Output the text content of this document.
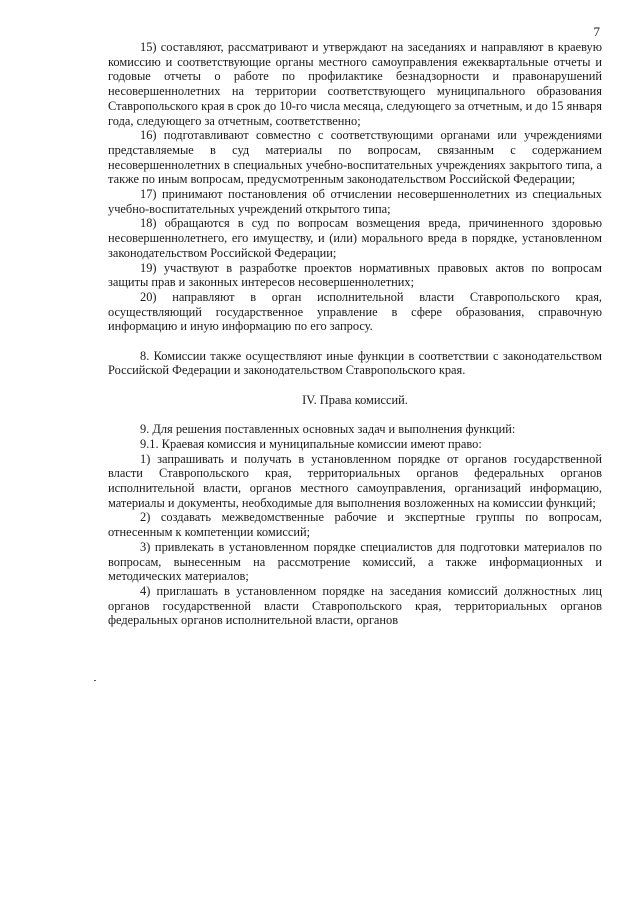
7

15) составляют, рассматривают и утверждают на заседаниях и направляют в краевую комиссию и соответствующие органы местного самоуправления ежеквартальные отчеты и годовые отчеты о работе по профилактике безнадзорности и правонарушений несовершеннолетних на территории соответствующего муниципального образования Ставропольского края в срок до 10-го числа месяца, следующего за отчетным, и до 15 января года, следующего за отчетным, соответственно;

16) подготавливают совместно с соответствующими органами или учреждениями представляемые в суд материалы по вопросам, связанным с содержанием несовершеннолетних в специальных учебно-воспитательных учреждениях закрытого типа, а также по иным вопросам, предусмотренным законодательством Российской Федерации;

17) принимают постановления об отчислении несовершеннолетних из специальных учебно-воспитательных учреждений открытого типа;

18) обращаются в суд по вопросам возмещения вреда, причиненного здоровью несовершеннолетнего, его имуществу, и (или) морального вреда в порядке, установленном законодательством Российской Федерации;

19) участвуют в разработке проектов нормативных правовых актов по вопросам защиты прав и законных интересов несовершеннолетних;

20) направляют в орган исполнительной власти Ставропольского края, осуществляющий государственное управление в сфере образования, справочную информацию и иную информацию по его запросу.

8. Комиссии также осуществляют иные функции в соответствии с законодательством Российской Федерации и законодательством Ставропольского края.

IV. Права комиссий.

9. Для решения поставленных основных задач и выполнения функций:

9.1. Краевая комиссия и муниципальные комиссии имеют право:

1) запрашивать и получать в установленном порядке от органов государственной власти Ставропольского края, территориальных органов федеральных органов исполнительной власти, органов местного самоуправления, организаций информацию, материалы и документы, необходимые для выполнения возложенных на комиссии функций;

2) создавать межведомственные рабочие и экспертные группы по вопросам, отнесенным к компетенции комиссий;

3) привлекать в установленном порядке специалистов для подготовки материалов по вопросам, вынесенным на рассмотрение комиссий, а также информационных и методических материалов;

4) приглашать в установленном порядке на заседания комиссий должностных лиц органов государственной власти Ставропольского края, территориальных органов федеральных органов исполнительной власти, органов
